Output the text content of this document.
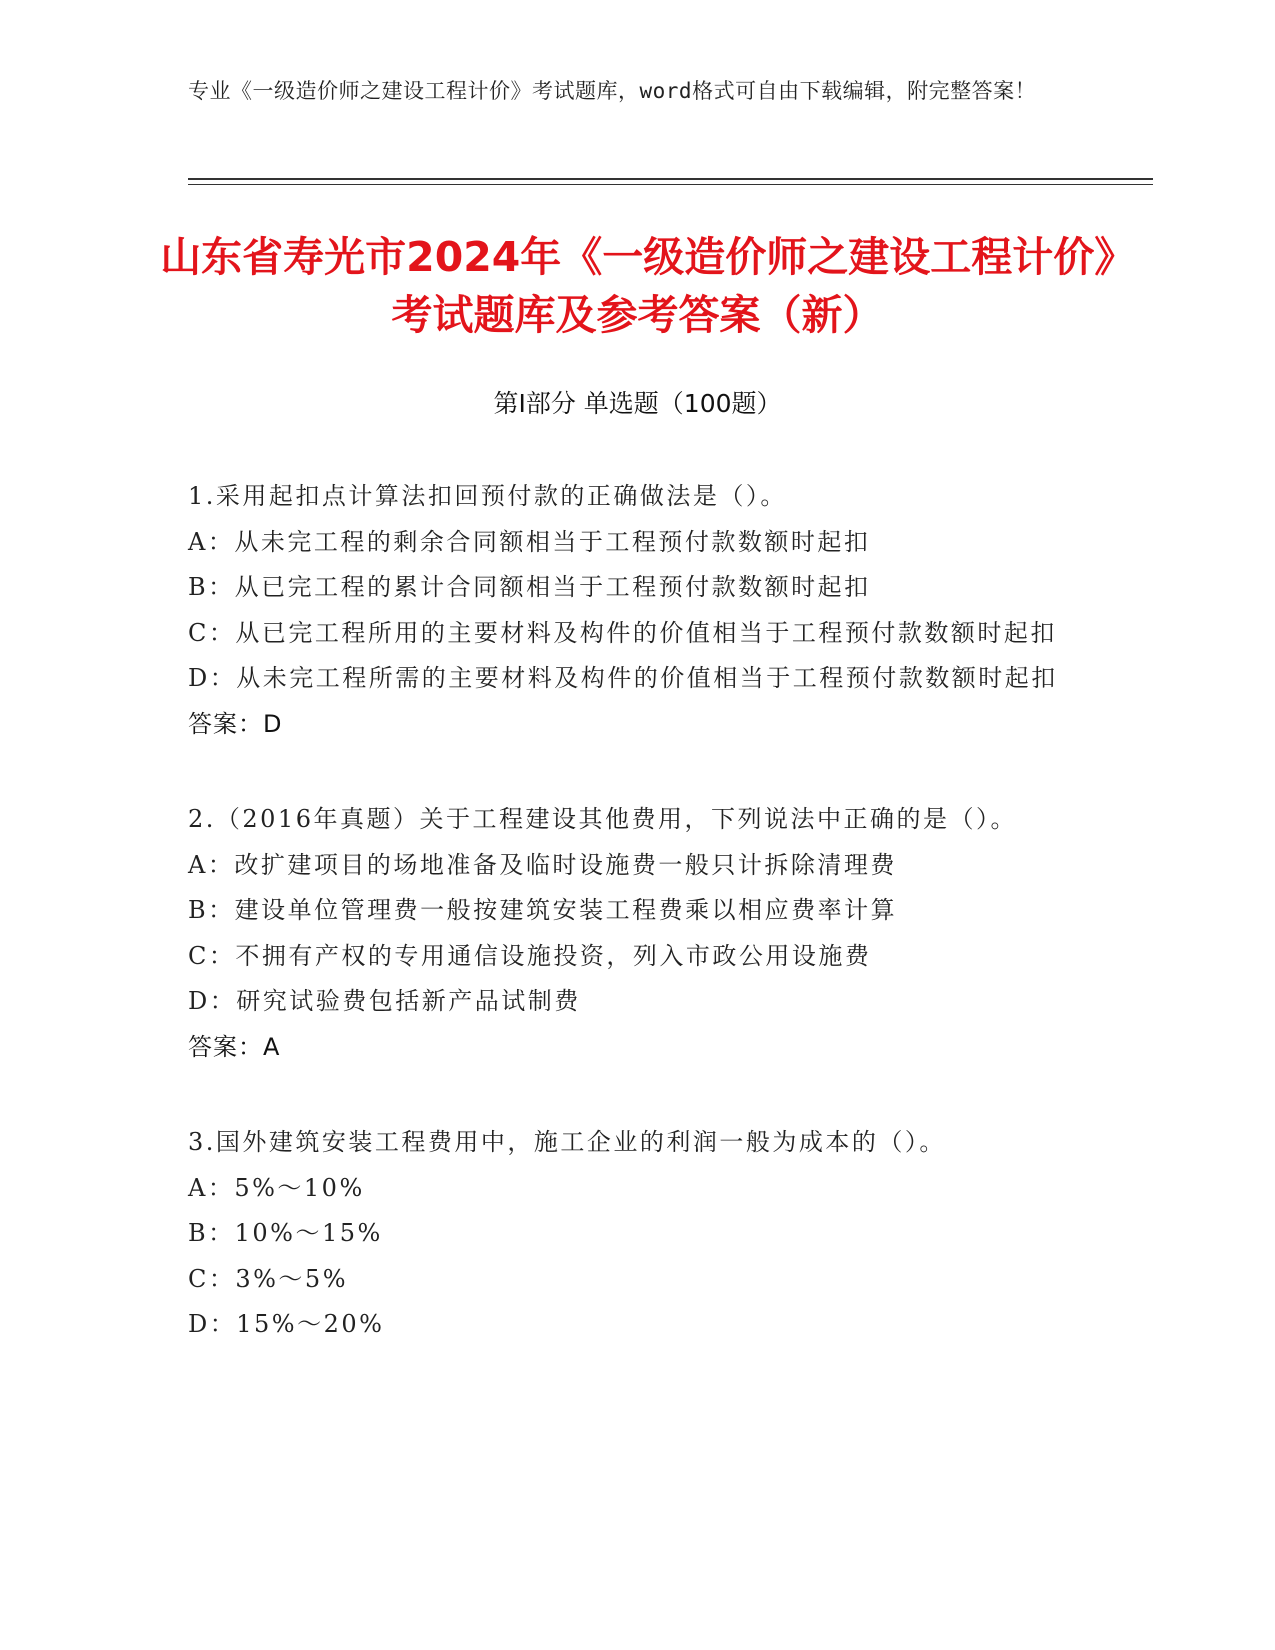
专业《一级造价师之建设工程计价》考试题库，word格式可自由下载编辑，附完整答案！
山东省寿光市2024年《一级造价师之建设工程计价》考试题库及参考答案（新）
第Ⅰ部分 单选题（100题）

1.采用起扣点计算法扣回预付款的正确做法是（）。

A：从未完工程的剩余合同额相当于工程预付款数额时起扣

B：从已完工程的累计合同额相当于工程预付款数额时起扣

C：从已完工程所用的主要材料及构件的价值相当于工程预付款数额时起扣

D：从未完工程所需的主要材料及构件的价值相当于工程预付款数额时起扣

答案：D

2.（2016年真题）关于工程建设其他费用，下列说法中正确的是（）。

A：改扩建项目的场地准备及临时设施费一般只计拆除清理费

B：建设单位管理费一般按建筑安装工程费乘以相应费率计算

C：不拥有产权的专用通信设施投资，列入市政公用设施费

D：研究试验费包括新产品试制费

答案：A

3.国外建筑安装工程费用中，施工企业的利润一般为成本的（）。

A：5%～10%

B：10%～15%

C：3%～5%

D：15%～20%
